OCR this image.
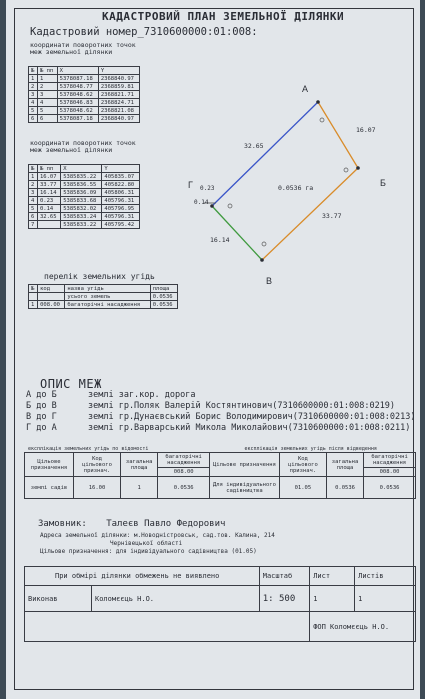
КАДАСТРОВИЙ ПЛАН ЗЕМЕЛЬНОЇ ДІЛЯНКИ
Кадастровий номер_7310600000:01:008:
координати поворотних точок
меж земельної ділянки
№	№ пп	X	Y
1	1	5378087.18	2368840.97
2	2	5378048.77	2368859.81
3	3	5378048.62	2368821.71
4	4	5378046.83	2368824.71
5	5	5378048.62	2368821.08
6	6	5378087.18	2368840.97
координати поворотних точок
меж земельної ділянки
№	№ пп	X	Y
1	16.07	5385835.22	405835.07
2	33.77	5385836.55	405822.80
3	16.14	5385836.09	405806.31
4	0.23	5385833.68	405796.31
5	0.14	5385832.02	405796.95
6	32.65	5385833.24	405796.31
7		5385833.22	405795.42
перелік земельних угідь
№	код	назва угідь	площа
		усього земель	0.0536
1	008.00	багаторічні насадження	0.0536
А
Б
В
Г
32.65
16.07
33.77
16.14
0.23
0.14
0.0536 га

ОПИС МЕЖ
А до Б	землі заг.кор. дорога
Б до В	землі гр.Поляк Валерій Костянтинович(7310600000:01:008:0219)
В до Г	землі гр.Дунаєвський Борис Володимирович(7310600000:01:008:0213)
Г до А	землі гр.Варварський Микола Миколайович(7310600000:01:008:0211)
експлікація земельних угідь по відомості	експлікація земельних угідь після відведення
Цільове призначення	Код цільового признач.	загальна площа	багаторічні насадження	Цільове призначення	Код цільового признач.	загальна площа	багаторічні насадження
			008.00				008.00
землі садів	16.00	1	0.0536	Для індивідуального садівництва	01.05	0.0536	0.0536
Замовник: Талеєв Павло Федорович
Адреса земельної ділянки: м.Новодністровськ, сад.тов. Калина, 214
Чернівецької області
Цільове призначення: для індивідуального садівництва (01.05)
При обмірі ділянки обмежень не виявлено		Масштаб	Лист	Листів
Виконав	Коломєєць Н.О.	1: 500	1	1
			ФОП Коломєєць Н.О.	
